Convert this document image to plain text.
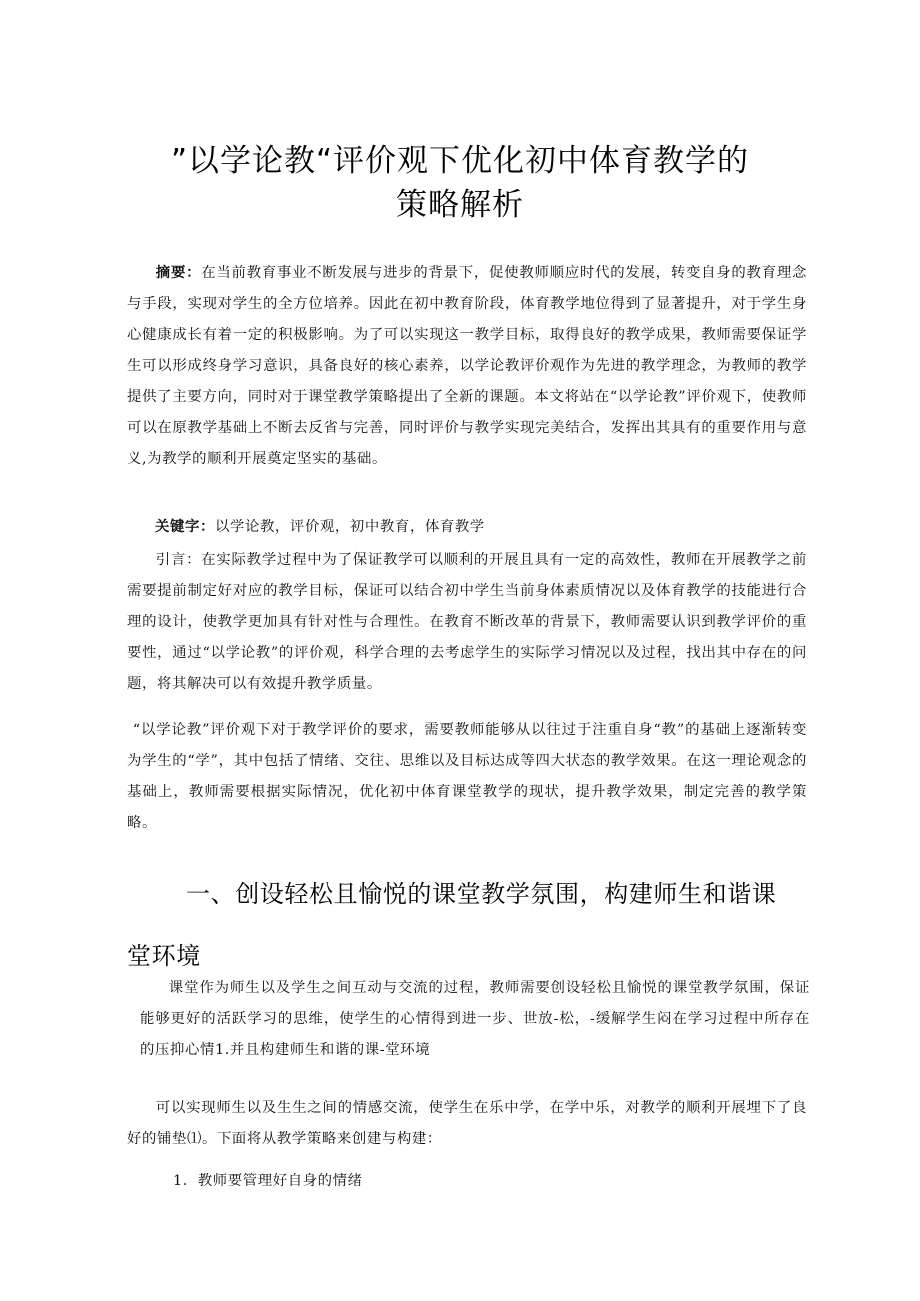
”以学论教“评价观下优化初中体育教学的
策略解析
摘要：在当前教育事业不断发展与进步的背景下，促使教师顺应时代的发展，转变自身的教育理念与手段，实现对学生的全方位培养。因此在初中教育阶段，体育教学地位得到了显著提升，对于学生身心健康成长有着一定的积极影响。为了可以实现这一教学目标，取得良好的教学成果，教师需要保证学生可以形成终身学习意识，具备良好的核心素养，以学论教评价观作为先进的教学理念，为教师的教学提供了主要方向，同时对于课堂教学策略提出了全新的课题。本文将站在“以学论教”评价观下，使教师可以在原教学基础上不断去反省与完善，同时评价与教学实现完美结合，发挥出其具有的重要作用与意义,为教学的顺利开展奠定坚实的基础。
关键字：以学论教，评价观，初中教育，体育教学
引言：在实际教学过程中为了保证教学可以顺利的开展且具有一定的高效性，教师在开展教学之前需要提前制定好对应的教学目标，保证可以结合初中学生当前身体素质情况以及体育教学的技能进行合理的设计，使教学更加具有针对性与合理性。在教育不断改革的背景下，教师需要认识到教学评价的重要性，通过“以学论教”的评价观，科学合理的去考虑学生的实际学习情况以及过程，找出其中存在的问题，将其解决可以有效提升教学质量。
“以学论教”评价观下对于教学评价的要求，需要教师能够从以往过于注重自身“教”的基础上逐渐转变为学生的“学”，其中包括了情绪、交往、思维以及目标达成等四大状态的教学效果。在这一理论观念的基础上，教师需要根据实际情况，优化初中体育课堂教学的现状，提升教学效果，制定完善的教学策略。
一、创设轻松且愉悦的课堂教学氛围，构建师生和谐课
堂环境
课堂作为师生以及学生之间互动与交流的过程，教师需要创设轻松且愉悦的课堂教学氛围，保证能够更好的活跃学习的思维，使学生的心情得到进一步、世放-松，-缓解学生闷在学习过程中所存在的压抑心情1.并且构建师生和谐的课-堂环境
可以实现师生以及生生之间的情感交流，使学生在乐中学，在学中乐，对教学的顺利开展埋下了良好的铺垫⑴。下面将从教学策略来创建与构建：
1．教师要管理好自身的情绪
